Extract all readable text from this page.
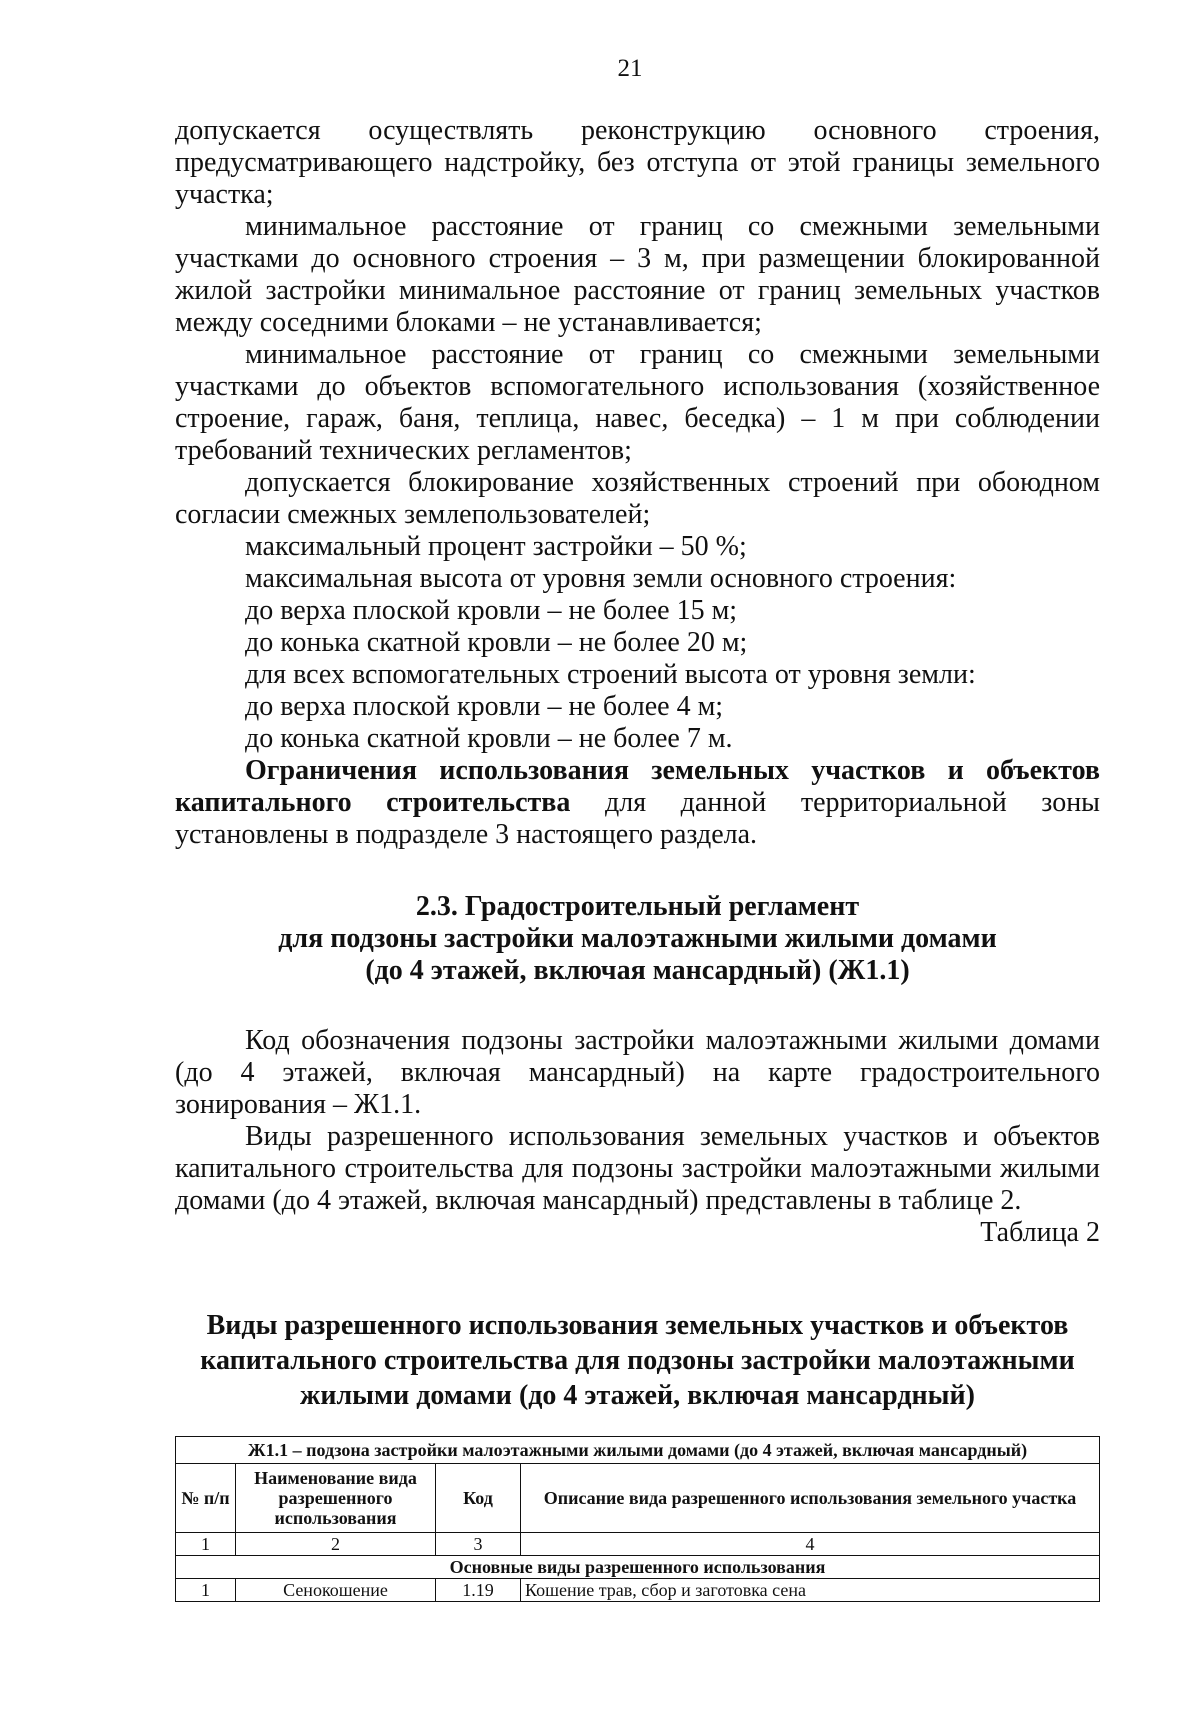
21

допускается осуществлять реконструкцию основного строения, предусматривающего надстройку, без отступа от этой границы земельного участка;

минимальное расстояние от границ со смежными земельными участками до основного строения – 3 м, при размещении блокированной жилой застройки минимальное расстояние от границ земельных участков между соседними блоками – не устанавливается;

минимальное расстояние от границ со смежными земельными участками до объектов вспомогательного использования (хозяйственное строение, гараж, баня, теплица, навес, беседка) – 1 м при соблюдении требований технических регламентов;

допускается блокирование хозяйственных строений при обоюдном согласии смежных землепользователей;

максимальный процент застройки – 50 %;

максимальная высота от уровня земли основного строения:

до верха плоской кровли – не более 15 м;

до конька скатной кровли – не более 20 м;

для всех вспомогательных строений высота от уровня земли:

до верха плоской кровли – не более 4 м;

до конька скатной кровли – не более 7 м.

Ограничения использования земельных участков и объектов капитального строительства для данной территориальной зоны установлены в подразделе 3 настоящего раздела.

2.3. Градостроительный регламент

для подзоны застройки малоэтажными жилыми домами

(до 4 этажей, включая мансардный) (Ж1.1)

Код обозначения подзоны застройки малоэтажными жилыми домами (до 4 этажей, включая мансардный) на карте градостроительного зонирования – Ж1.1.

Виды разрешенного использования земельных участков и объектов капитального строительства для подзоны застройки малоэтажными жилыми домами (до 4 этажей, включая мансардный) представлены в таблице 2.

Таблица 2

Виды разрешенного использования земельных участков и объектов
капитального строительства для подзоны застройки малоэтажными
жилыми домами (до 4 этажей, включая мансардный)
Ж1.1 – подзона застройки малоэтажными жилыми домами (до 4 этажей, включая мансардный)			
№ п/п	Наименование вида разрешенного использования	Код	Описание вида разрешенного использования земельного участка
1	2	3	4
Основные виды разрешенного использования			
1	Сенокошение	1.19	Кошение трав, сбор и заготовка сена
